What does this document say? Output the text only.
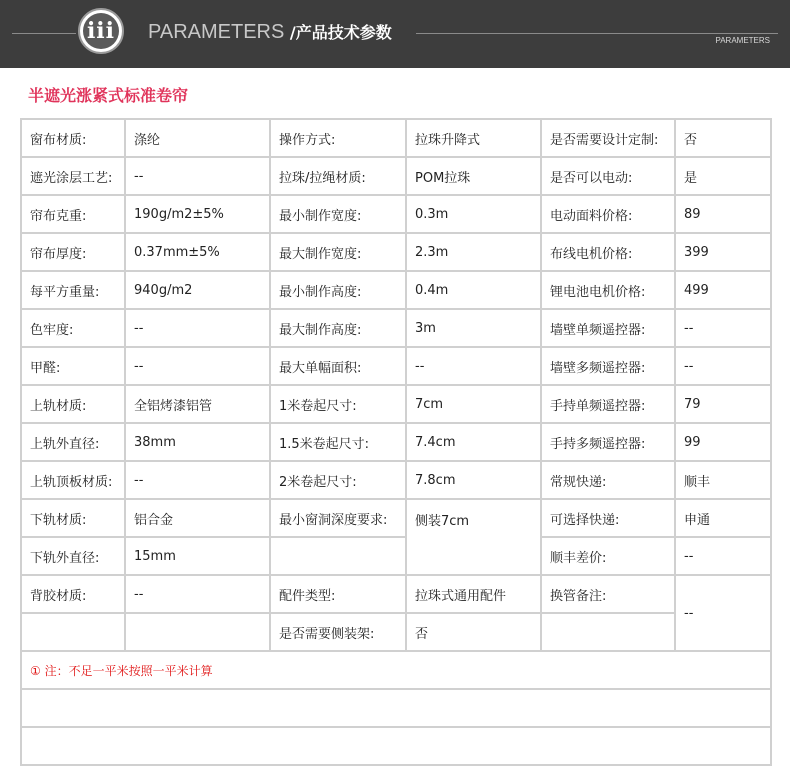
iii PARAMETERS /产品技术参数	PARAMETERS
半遮光涨紧式标准卷帘
窗布材质:	涤纶	操作方式:	拉珠升降式	是否需要设计定制:	否
遮光涂层工艺:	--	拉珠/拉绳材质:	POM拉珠	是否可以电动:	是
帘布克重:	190g/m2±5%	最小制作宽度:	0.3m	电动面料价格:	89
帘布厚度:	0.37mm±5%	最大制作宽度:	2.3m	布线电机价格:	399
每平方重量:	940g/m2	最小制作高度:	0.4m	锂电池电机价格:	499
色牢度:	--	最大制作高度:	3m	墙壁单频遥控器:	--
甲醛:	--	最大单幅面积:	--	墙壁多频遥控器:	--
上轨材质:	全铝烤漆铝管	1米卷起尺寸:	7cm	手持单频遥控器:	79
上轨外直径:	38mm	1.5米卷起尺寸:	7.4cm	手持多频遥控器:	99
上轨顶板材质:	--	2米卷起尺寸:	7.8cm	常规快递:	顺丰
下轨材质:	铝合金	最小窗洞深度要求:	侧装7cm	可选择快递:	申通
下轨外直径:	15mm			顺丰差价:	--
背胶材质:	--	配件类型:	拉珠式通用配件	换管备注:	--
		是否需要侧装架:	否		
① 注：不足一平米按照一平米计算					
